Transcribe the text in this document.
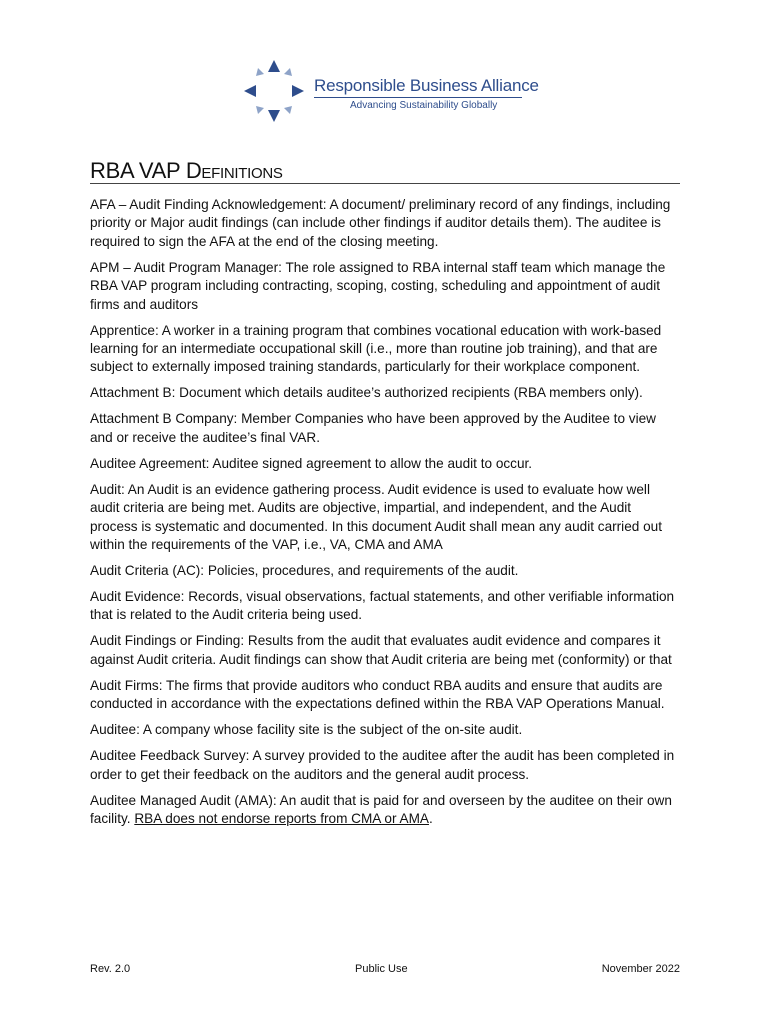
Responsible Business Alliance
Advancing Sustainability Globally
RBA VAP Definitions

AFA – Audit Finding Acknowledgement: A document/ preliminary record of any findings, including priority or Major audit findings (can include other findings if auditor details them). The auditee is required to sign the AFA at the end of the closing meeting.

APM – Audit Program Manager: The role assigned to RBA internal staff team which manage the RBA VAP program including contracting, scoping, costing, scheduling and appointment of audit firms and auditors

Apprentice: A worker in a training program that combines vocational education with work-based learning for an intermediate occupational skill (i.e., more than routine job training), and that are subject to externally imposed training standards, particularly for their workplace component.

Attachment B: Document which details auditee’s authorized recipients (RBA members only).

Attachment B Company: Member Companies who have been approved by the Auditee to view and or receive the auditee’s final VAR.

Auditee Agreement: Auditee signed agreement to allow the audit to occur.

Audit: An Audit is an evidence gathering process. Audit evidence is used to evaluate how well audit criteria are being met. Audits are objective, impartial, and independent, and the Audit process is systematic and documented. In this document Audit shall mean any audit carried out within the requirements of the VAP, i.e., VA, CMA and AMA

Audit Criteria (AC): Policies, procedures, and requirements of the audit.

Audit Evidence: Records, visual observations, factual statements, and other verifiable information that is related to the Audit criteria being used.

Audit Findings or Finding: Results from the audit that evaluates audit evidence and compares it against Audit criteria. Audit findings can show that Audit criteria are being met (conformity) or that

Audit Firms: The firms that provide auditors who conduct RBA audits and ensure that audits are conducted in accordance with the expectations defined within the RBA VAP Operations Manual.

Auditee: A company whose facility site is the subject of the on-site audit.

Auditee Feedback Survey: A survey provided to the auditee after the audit has been completed in order to get their feedback on the auditors and the general audit process.

Auditee Managed Audit (AMA): An audit that is paid for and overseen by the auditee on their own facility. RBA does not endorse reports from CMA or AMA.

Rev. 2.0	Public Use	November 2022
